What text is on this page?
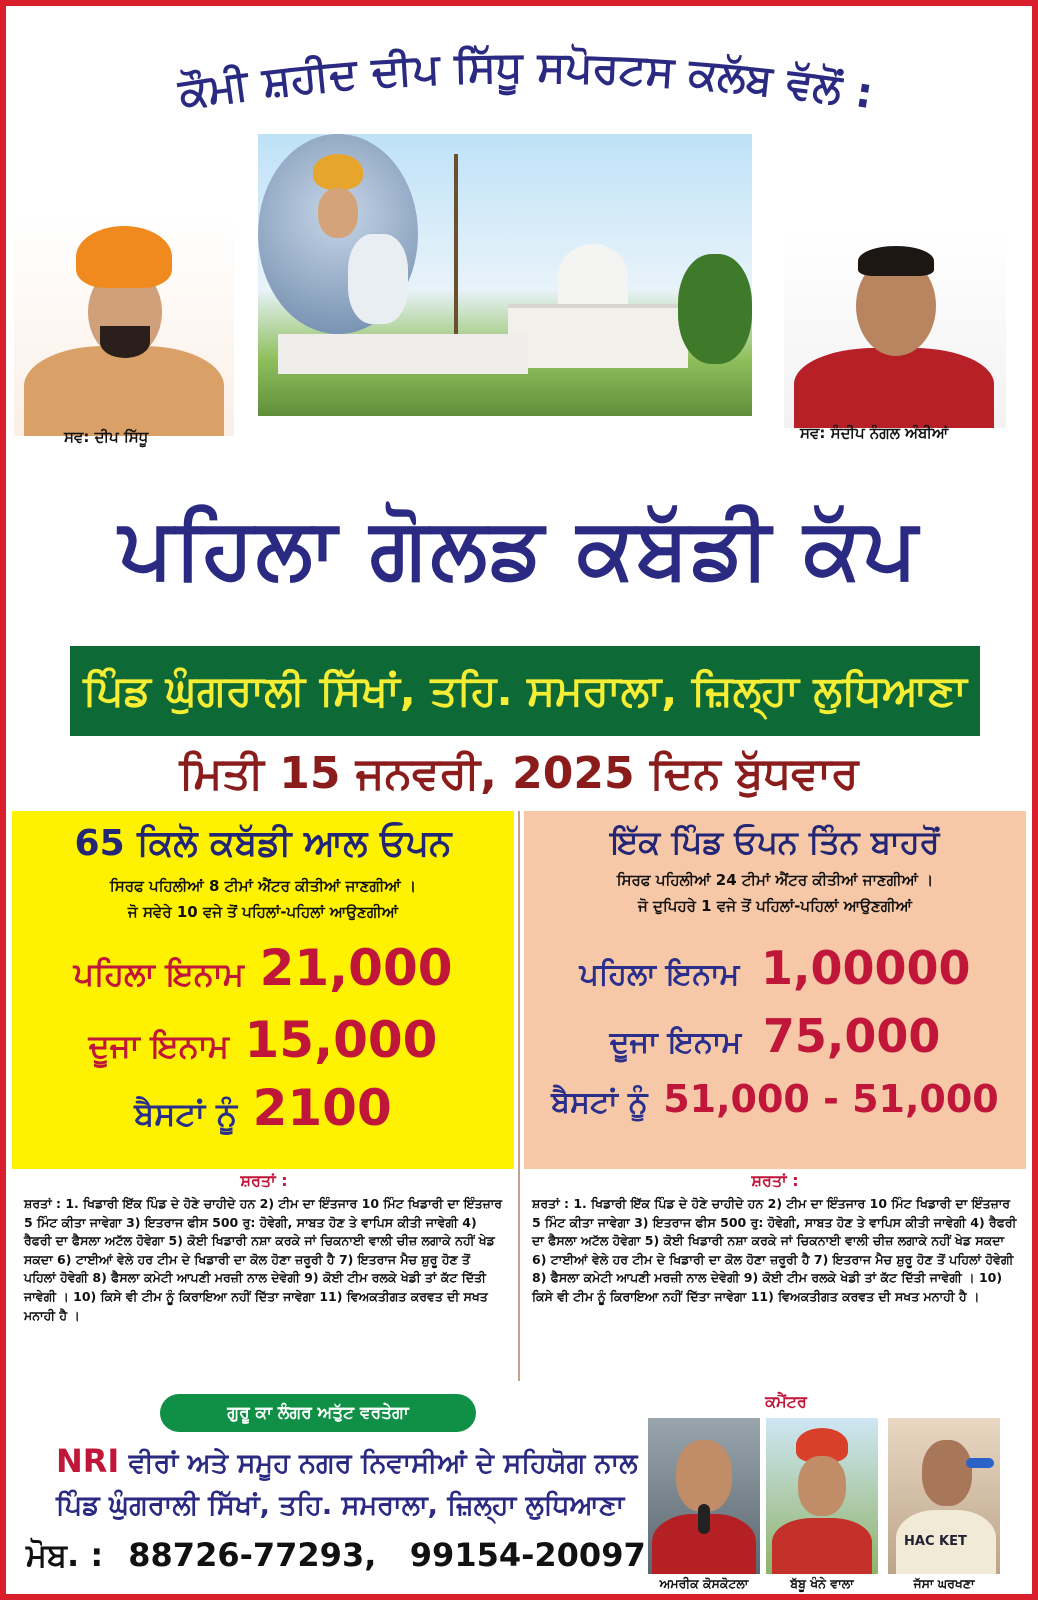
ਕੌਮੀ ਸ਼ਹੀਦ ਦੀਪ ਸਿੱਧੂ ਸਪੋਰਟਸ ਕਲੱਬ ਵੱਲੋਂ :
ਸਵ: ਦੀਪ ਸਿੱਧੂ	ਸਵ: ਸੰਦੀਪ ਨੰਗਲ ਅੰਬੀਆਂ
ਪਹਿਲਾ ਗੋਲਡ ਕਬੱਡੀ ਕੱਪ
ਪਿੰਡ ਘੁੰਗਰਾਲੀ ਸਿੱਖਾਂ, ਤਹਿ. ਸਮਰਾਲਾ, ਜ਼ਿਲ੍ਹਾ ਲੁਧਿਆਣਾ
ਮਿਤੀ 15 ਜਨਵਰੀ, 2025 ਦਿਨ ਬੁੱਧਵਾਰ
65 ਕਿਲੋ ਕਬੱਡੀ ਆਲ ਓਪਨ
ਸਿਰਫ ਪਹਿਲੀਆਂ 8 ਟੀਮਾਂ ਐਂਟਰ ਕੀਤੀਆਂ ਜਾਣਗੀਆਂ ।
ਜੋ ਸਵੇਰੇ 10 ਵਜੇ ਤੋਂ ਪਹਿਲਾਂ-ਪਹਿਲਾਂ ਆਉਣਗੀਆਂ
ਪਹਿਲਾ ਇਨਾਮ 21,000
ਦੂਜਾ ਇਨਾਮ 15,000
ਬੈਸਟਾਂ ਨੂੰ 2100
ਇੱਕ ਪਿੰਡ ਓਪਨ ਤਿੰਨ ਬਾਹਰੋਂ
ਸਿਰਫ ਪਹਿਲੀਆਂ 24 ਟੀਮਾਂ ਐਂਟਰ ਕੀਤੀਆਂ ਜਾਣਗੀਆਂ ।
ਜੋ ਦੁਪਿਹਰੇ 1 ਵਜੇ ਤੋਂ ਪਹਿਲਾਂ-ਪਹਿਲਾਂ ਆਉਣਗੀਆਂ
ਪਹਿਲਾ ਇਨਾਮ 1,00000
ਦੂਜਾ ਇਨਾਮ 75,000
ਬੈਸਟਾਂ ਨੂੰ 51,000 - 51,000
ਸ਼ਰਤਾਂ :
ਸ਼ਰਤਾਂ : 1. ਖਿਡਾਰੀ ਇੱਕ ਪਿੰਡ ਦੇ ਹੋਣੇ ਚਾਹੀਦੇ ਹਨ 2) ਟੀਮ ਦਾ ਇੰਤਜਾਰ 10 ਮਿੰਟ ਖਿਡਾਰੀ ਦਾ ਇੰਤਜ਼ਾਰ 5 ਮਿੰਟ ਕੀਤਾ ਜਾਵੇਗਾ 3) ਇਤਰਾਜ ਫੀਸ 500 ਰੁ: ਹੋਵੇਗੀ, ਸਾਬਤ ਹੋਣ ਤੇ ਵਾਪਿਸ ਕੀਤੀ ਜਾਵੇਗੀ 4) ਰੈਫਰੀ ਦਾ ਫੈਸਲਾ ਅਟੱਲ ਹੋਵੇਗਾ 5) ਕੋਈ ਖਿਡਾਰੀ ਨਸ਼ਾ ਕਰਕੇ ਜਾਂ ਚਿਕਨਾਈ ਵਾਲੀ ਚੀਜ਼ ਲਗਾਕੇ ਨਹੀਂ ਖੇਡ ਸਕਦਾ 6) ਟਾਈਆਂ ਵੇਲੇ ਹਰ ਟੀਮ ਦੇ ਖਿਡਾਰੀ ਦਾ ਕੋਲ ਹੋਣਾ ਜ਼ਰੂਰੀ ਹੈ 7) ਇਤਰਾਜ ਮੈਚ ਸ਼ੁਰੂ ਹੋਣ ਤੋਂ ਪਹਿਲਾਂ ਹੋਵੇਗੀ 8) ਫੈਸਲਾ ਕਮੇਟੀ ਆਪਣੀ ਮਰਜ਼ੀ ਨਾਲ ਦੇਵੇਗੀ 9) ਕੋਈ ਟੀਮ ਰਲਕੇ ਖੇਡੀ ਤਾਂ ਕੱਟ ਦਿੱਤੀ ਜਾਵੇਗੀ । 10) ਕਿਸੇ ਵੀ ਟੀਮ ਨੂੰ ਕਿਰਾਇਆ ਨਹੀਂ ਦਿੱਤਾ ਜਾਵੇਗਾ 11) ਵਿਅਕਤੀਗਤ ਕਰਵਤ ਦੀ ਸਖਤ ਮਨਾਹੀ ਹੈ ।
ਸ਼ਰਤਾਂ :
ਸ਼ਰਤਾਂ : 1. ਖਿਡਾਰੀ ਇੱਕ ਪਿੰਡ ਦੇ ਹੋਣੇ ਚਾਹੀਦੇ ਹਨ 2) ਟੀਮ ਦਾ ਇੰਤਜਾਰ 10 ਮਿੰਟ ਖਿਡਾਰੀ ਦਾ ਇੰਤਜ਼ਾਰ 5 ਮਿੰਟ ਕੀਤਾ ਜਾਵੇਗਾ 3) ਇਤਰਾਜ ਫੀਸ 500 ਰੁ: ਹੋਵੇਗੀ, ਸਾਬਤ ਹੋਣ ਤੇ ਵਾਪਿਸ ਕੀਤੀ ਜਾਵੇਗੀ 4) ਰੈਫਰੀ ਦਾ ਫੈਸਲਾ ਅਟੱਲ ਹੋਵੇਗਾ 5) ਕੋਈ ਖਿਡਾਰੀ ਨਸ਼ਾ ਕਰਕੇ ਜਾਂ ਚਿਕਨਾਈ ਵਾਲੀ ਚੀਜ਼ ਲਗਾਕੇ ਨਹੀਂ ਖੇਡ ਸਕਦਾ 6) ਟਾਈਆਂ ਵੇਲੇ ਹਰ ਟੀਮ ਦੇ ਖਿਡਾਰੀ ਦਾ ਕੋਲ ਹੋਣਾ ਜ਼ਰੂਰੀ ਹੈ 7) ਇਤਰਾਜ ਮੈਚ ਸ਼ੁਰੂ ਹੋਣ ਤੋਂ ਪਹਿਲਾਂ ਹੋਵੇਗੀ 8) ਫੈਸਲਾ ਕਮੇਟੀ ਆਪਣੀ ਮਰਜ਼ੀ ਨਾਲ ਦੇਵੇਗੀ 9) ਕੋਈ ਟੀਮ ਰਲਕੇ ਖੇਡੀ ਤਾਂ ਕੱਟ ਦਿੱਤੀ ਜਾਵੇਗੀ । 10) ਕਿਸੇ ਵੀ ਟੀਮ ਨੂੰ ਕਿਰਾਇਆ ਨਹੀਂ ਦਿੱਤਾ ਜਾਵੇਗਾ 11) ਵਿਅਕਤੀਗਤ ਕਰਵਤ ਦੀ ਸਖਤ ਮਨਾਹੀ ਹੈ ।
ਗੁਰੂ ਕਾ ਲੰਗਰ ਅਤੁੱਟ ਵਰਤੇਗਾ
NRI ਵੀਰਾਂ ਅਤੇ ਸਮੂਹ ਨਗਰ ਨਿਵਾਸੀਆਂ ਦੇ ਸਹਿਯੋਗ ਨਾਲ
ਪਿੰਡ ਘੁੰਗਰਾਲੀ ਸਿੱਖਾਂ, ਤਹਿ. ਸਮਰਾਲਾ, ਜ਼ਿਲ੍ਹਾ ਲੁਧਿਆਣਾ
ਮੋਬ. : 88726-77293,   99154-20097
ਕਮੈਂਟਰ
HAC KET
ਅਮਰੀਕ ਕੋਸਕੋਟਲਾ	ਬੱਬੂ ਖੰਨੇ ਵਾਲਾ	ਜੱਸਾ ਘਰਖਣਾ
